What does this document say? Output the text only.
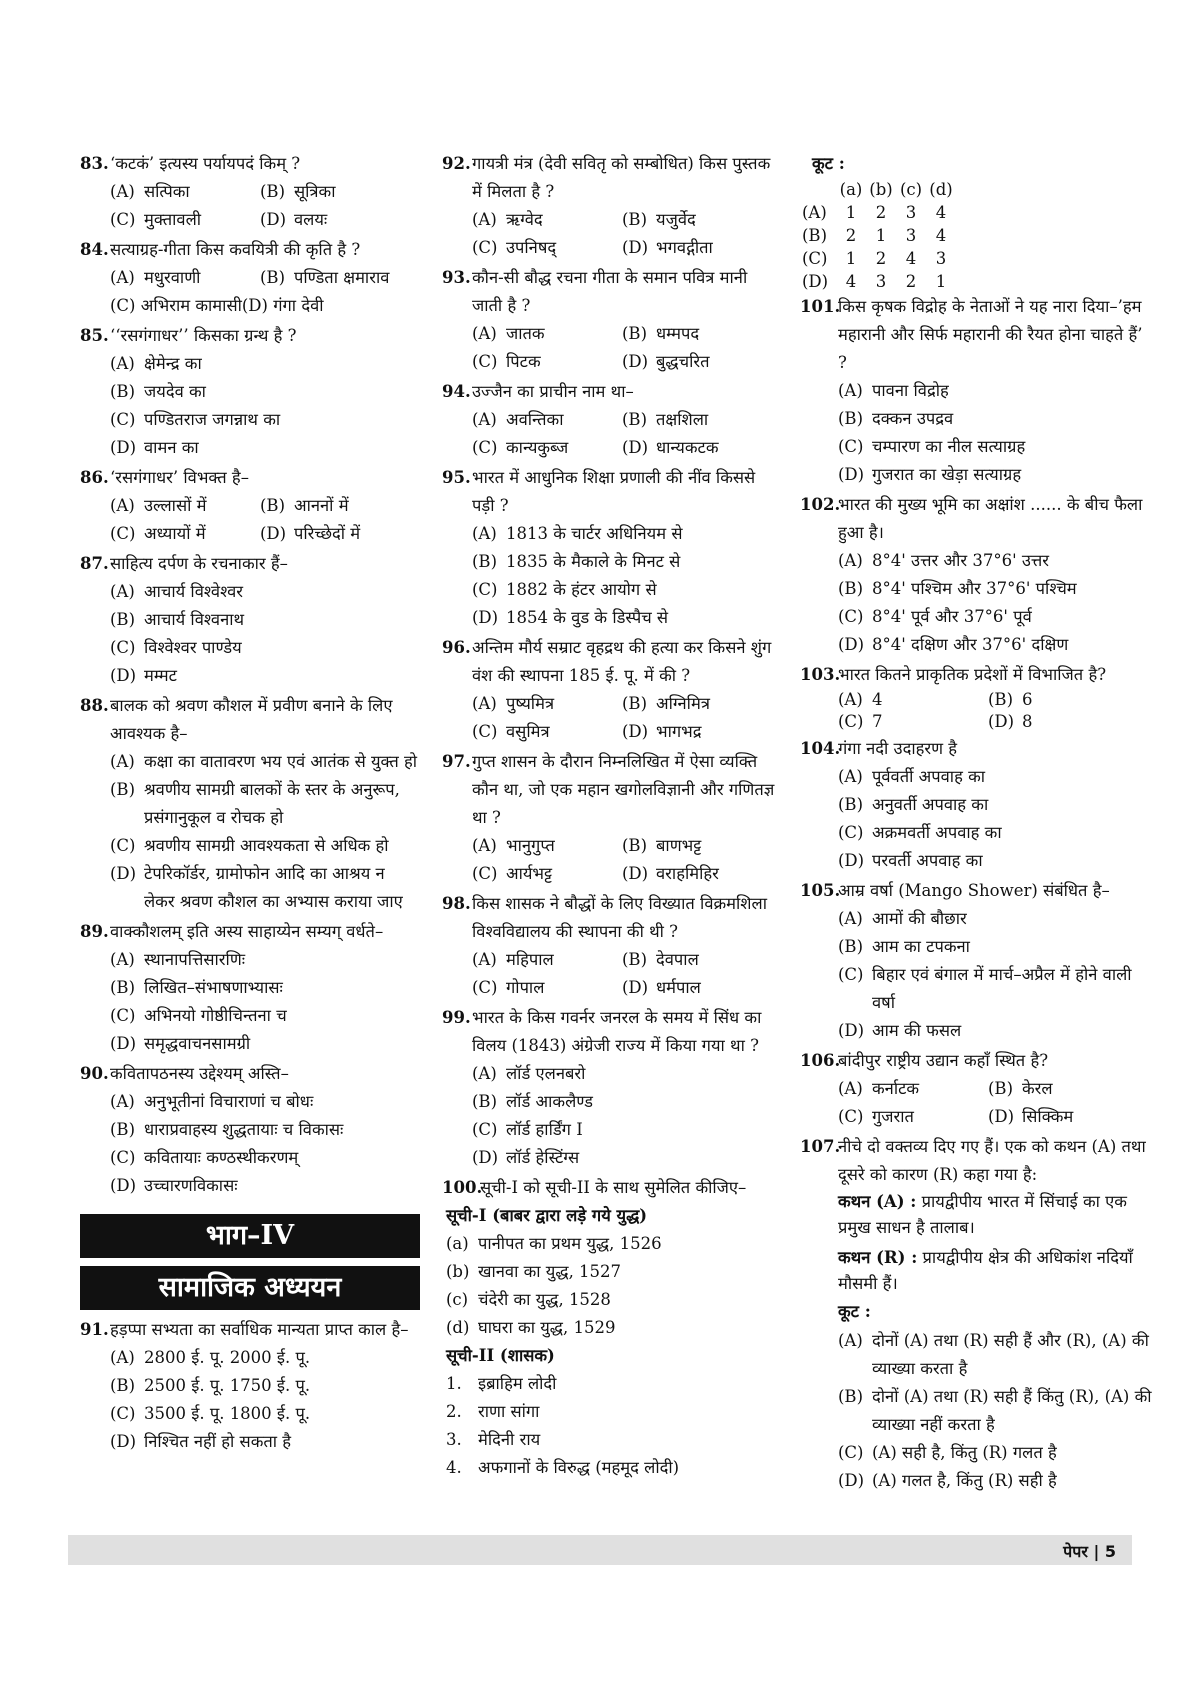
83. ‘कटकं’ इत्यस्य पर्यायपदं किम् ?
(A) सत्पिका	(B) सूत्रिका
(C) मुक्तावली	(D) वलयः
84. सत्याग्रह-गीता किस कवयित्री की कृति है ?
(A) मधुरवाणी	(B) पण्डिता क्षमाराव
(C) अभिराम कामासी(D) गंगा देवी
85. ‘‘रसगंगाधर’’ किसका ग्रन्थ है ?
(A) क्षेमेन्द्र का
(B) जयदेव का
(C) पण्डितराज जगन्नाथ का
(D) वामन का
86. ‘रसगंगाधर’ विभक्त है–
(A) उल्लासों में	(B) आननों में
(C) अध्यायों में	(D) परिच्छेदों में
87. साहित्य दर्पण के रचनाकार हैं–
(A) आचार्य विश्वेश्वर
(B) आचार्य विश्वनाथ
(C) विश्वेश्वर पाण्डेय
(D) मम्मट
88. बालक को श्रवण कौशल में प्रवीण बनाने के लिए आवश्यक है–
(A) कक्षा का वातावरण भय एवं आतंक से युक्त हो
(B) श्रवणीय सामग्री बालकों के स्तर के अनुरूप, प्रसंगानुकूल व रोचक हो
(C) श्रवणीय सामग्री आवश्यकता से अधिक हो
(D) टेपरिकॉर्डर, ग्रामोफोन आदि का आश्रय न लेकर श्रवण कौशल का अभ्यास कराया जाए
89. वाक्कौशलम् इति अस्य साहाय्येन सम्यग् वर्धते–
(A) स्थानापत्तिसारणिः
(B) लिखित–संभाषणाभ्यासः
(C) अभिनयो गोष्ठीचिन्तना च
(D) समृद्धवाचनसामग्री
90. कवितापठनस्य उद्देश्यम् अस्ति–
(A) अनुभूतीनां विचाराणां च बोधः
(B) धाराप्रवाहस्य शुद्धतायाः च विकासः
(C) कवितायाः कण्ठस्थीकरणम्
(D) उच्चारणविकासः
भाग–IV
सामाजिक अध्ययन
91. हड़प्पा सभ्यता का सर्वाधिक मान्यता प्राप्त काल है–
(A) 2800 ई. पू. 2000 ई. पू.
(B) 2500 ई. पू. 1750 ई. पू.
(C) 3500 ई. पू. 1800 ई. पू.
(D) निश्चित नहीं हो सकता है
92. गायत्री मंत्र (देवी सवितृ को सम्बोधित) किस पुस्तक में मिलता है ?
(A) ऋग्वेद	(B) यजुर्वेद
(C) उपनिषद्	(D) भगवद्गीता
93. कौन-सी बौद्ध रचना गीता के समान पवित्र मानी जाती है ?
(A) जातक	(B) धम्मपद
(C) पिटक	(D) बुद्धचरित
94. उज्जैन का प्राचीन नाम था–
(A) अवन्तिका	(B) तक्षशिला
(C) कान्यकुब्ज	(D) धान्यकटक
95. भारत में आधुनिक शिक्षा प्रणाली की नींव किससे पड़ी ?
(A) 1813 के चार्टर अधिनियम से
(B) 1835 के मैकाले के मिनट से
(C) 1882 के हंटर आयोग से
(D) 1854 के वुड के डिस्पैच से
96. अन्तिम मौर्य सम्राट वृहद्रथ की हत्या कर किसने शुंग वंश की स्थापना 185 ई. पू. में की ?
(A) पुष्यमित्र	(B) अग्निमित्र
(C) वसुमित्र	(D) भागभद्र
97. गुप्त शासन के दौरान निम्नलिखित में ऐसा व्यक्ति कौन था, जो एक महान खगोलविज्ञानी और गणितज्ञ था ?
(A) भानुगुप्त	(B) बाणभट्ट
(C) आर्यभट्ट	(D) वराहमिहिर
98. किस शासक ने बौद्धों के लिए विख्यात विक्रमशिला विश्वविद्यालय की स्थापना की थी ?
(A) महिपाल	(B) देवपाल
(C) गोपाल	(D) धर्मपाल
99. भारत के किस गवर्नर जनरल के समय में सिंध का विलय (1843) अंग्रेजी राज्य में किया गया था ?
(A) लॉर्ड एलनबरो
(B) लॉर्ड आकलैण्ड
(C) लॉर्ड हार्डिंग I
(D) लॉर्ड हेस्टिंग्स
100.
सूची-I को सूची-II के साथ सुमेलित कीजिए–
सूची-I (बाबर द्वारा लड़े गये युद्ध)
(a) पानीपत का प्रथम युद्ध, 1526
(b) खानवा का युद्ध, 1527
(c) चंदेरी का युद्ध, 1528
(d) घाघरा का युद्ध, 1529
सूची-II (शासक)
1. इब्राहिम लोदी
2. राणा सांगा
3. मेदिनी राय
4. अफगानों के विरुद्ध (महमूद लोदी)
कूट :
	(a)	(b)	(c)	(d)
(A)	1	2	3	4
(B)	2	1	3	4
(C)	1	2	4	3
(D)	4	3	2	1
101.
किस कृषक विद्रोह के नेताओं ने यह नारा दिया–’हम महारानी और सिर्फ महारानी की रैयत होना चाहते हैं’ ?
(A) पावना विद्रोह
(B) दक्कन उपद्रव
(C) चम्पारण का नील सत्याग्रह
(D) गुजरात का खेड़ा सत्याग्रह
102.
भारत की मुख्य भूमि का अक्षांश ...... के बीच फैला हुआ है।
(A) 8°4' उत्तर और 37°6' उत्तर
(B) 8°4' पश्चिम और 37°6' पश्चिम
(C) 8°4' पूर्व और 37°6' पूर्व
(D) 8°4' दक्षिण और 37°6' दक्षिण
103.
भारत कितने प्राकृतिक प्रदेशों में विभाजित है?
(A) 4	(B) 6
(C) 7	(D) 8
104.
गंगा नदी उदाहरण है
(A) पूर्ववर्ती अपवाह का
(B) अनुवर्ती अपवाह का
(C) अक्रमवर्ती अपवाह का
(D) परवर्ती अपवाह का
105.
आम्र वर्षा (Mango Shower) संबंधित है–
(A) आमों की बौछार
(B) आम का टपकना
(C) बिहार एवं बंगाल में मार्च–अप्रैल में होने वाली वर्षा
(D) आम की फसल
106.
बांदीपुर राष्ट्रीय उद्यान कहाँ स्थित है?
(A) कर्नाटक	(B) केरल
(C) गुजरात	(D) सिक्किम
107.
नीचे दो वक्तव्य दिए गए हैं। एक को कथन (A) तथा दूसरे को कारण (R) कहा गया है:
कथन (A) : प्रायद्वीपीय भारत में सिंचाई का एक प्रमुख साधन है तालाब।
कथन (R) : प्रायद्वीपीय क्षेत्र की अधिकांश नदियाँ मौसमी हैं।
कूट :
(A) दोनों (A) तथा (R) सही हैं और (R), (A) की व्याख्या करता है
(B) दोनों (A) तथा (R) सही हैं किंतु (R), (A) की व्याख्या नहीं करता है
(C) (A) सही है, किंतु (R) गलत है
(D) (A) गलत है, किंतु (R) सही है
पेपर | 5
